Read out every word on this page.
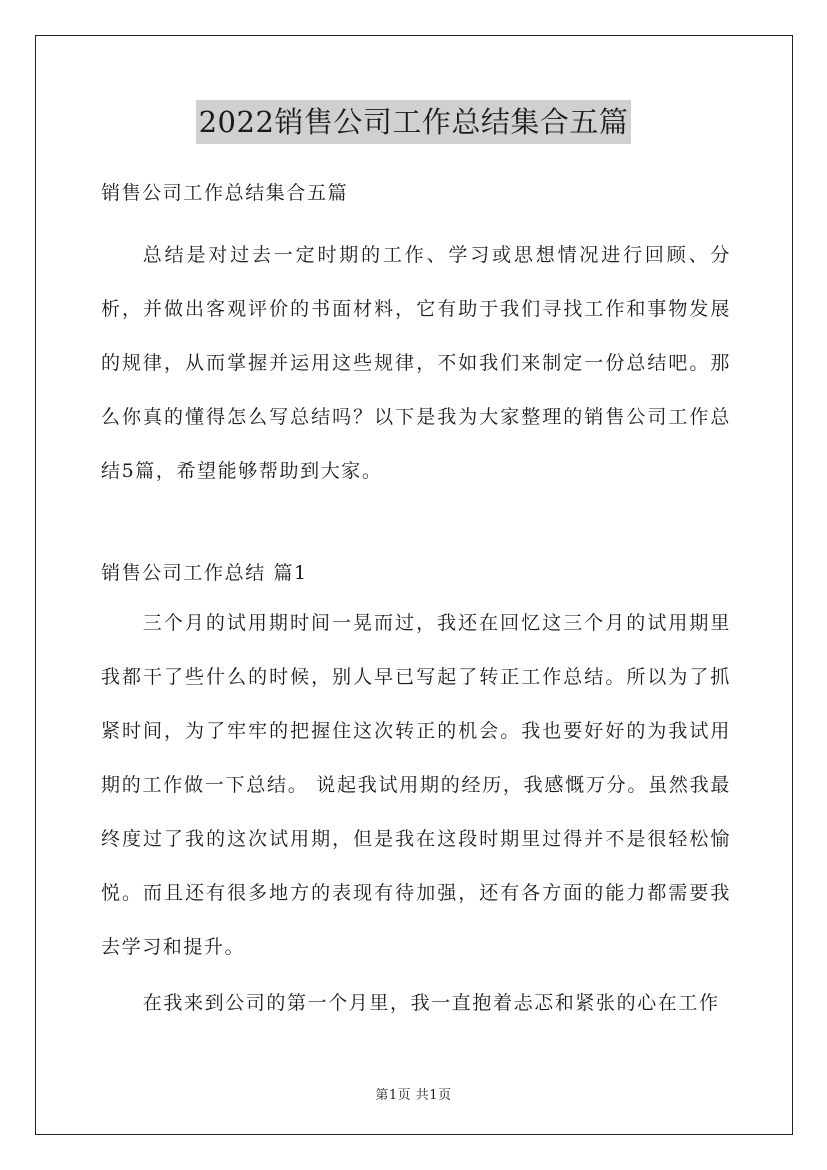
2022销售公司工作总结集合五篇

销售公司工作总结集合五篇

总结是对过去一定时期的工作、学习或思想情况进行回顾、分析，并做出客观评价的书面材料，它有助于我们寻找工作和事物发展的规律，从而掌握并运用这些规律，不如我们来制定一份总结吧。那么你真的懂得怎么写总结吗？以下是我为大家整理的销售公司工作总结5篇，希望能够帮助到大家。

销售公司工作总结 篇1

三个月的试用期时间一晃而过，我还在回忆这三个月的试用期里我都干了些什么的时候，别人早已写起了转正工作总结。所以为了抓紧时间，为了牢牢的把握住这次转正的机会。我也要好好的为我试用期的工作做一下总结。 说起我试用期的经历，我感慨万分。虽然我最终度过了我的这次试用期，但是我在这段时期里过得并不是很轻松愉悦。而且还有很多地方的表现有待加强，还有各方面的能力都需要我去学习和提升。

在我来到公司的第一个月里，我一直抱着忐忑和紧张的心在工作

第1页 共1页
